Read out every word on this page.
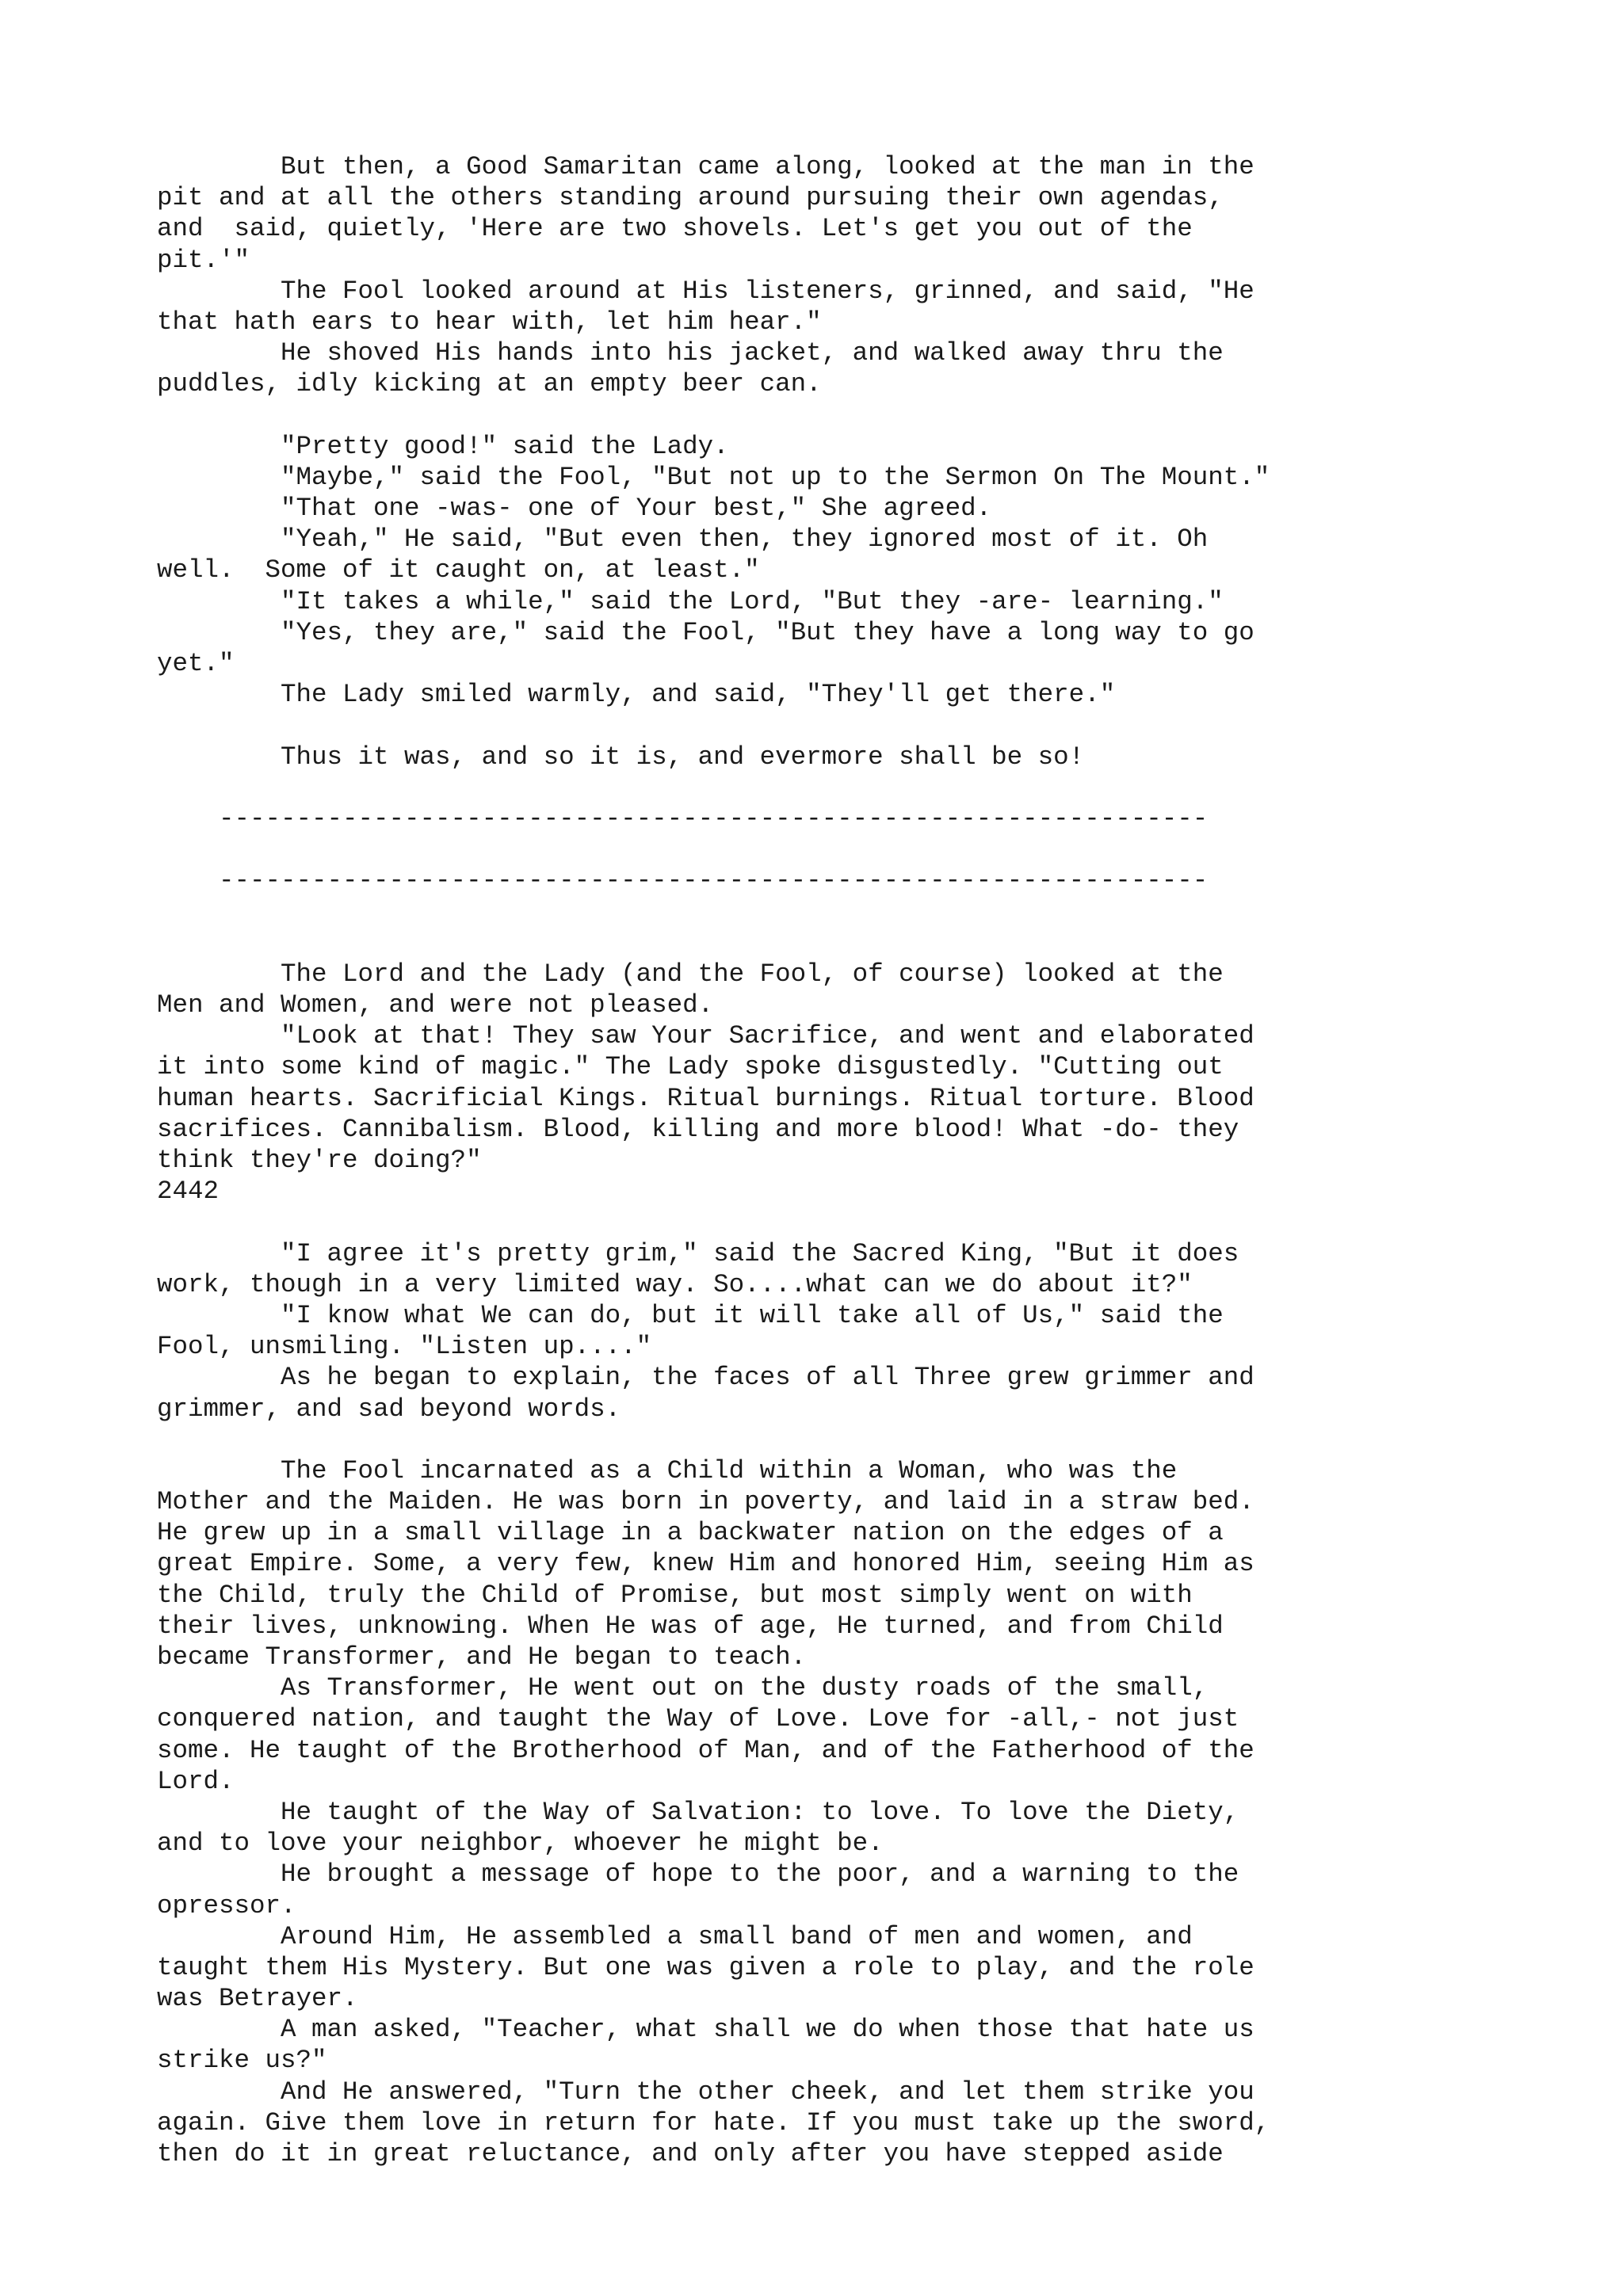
But then, a Good Samaritan came along, looked at the man in the
pit and at all the others standing around pursuing their own agendas,
and  said, quietly, 'Here are two shovels. Let's get you out of the
pit.'"
The Fool looked around at His listeners, grinned, and said, "He
that hath ears to hear with, let him hear."
He shoved His hands into his jacket, and walked away thru the
puddles, idly kicking at an empty beer can.
"Pretty good!" said the Lady.
"Maybe," said the Fool, "But not up to the Sermon On The Mount."
"That one -was- one of Your best," She agreed.
"Yeah," He said, "But even then, they ignored most of it. Oh
well.  Some of it caught on, at least."
"It takes a while," said the Lord, "But they -are- learning."
"Yes, they are," said the Fool, "But they have a long way to go
yet."
The Lady smiled warmly, and said, "They'll get there."
Thus it was, and so it is, and evermore shall be so!
----------------------------------------------------------------
----------------------------------------------------------------
The Lord and the Lady (and the Fool, of course) looked at the
Men and Women, and were not pleased.
"Look at that! They saw Your Sacrifice, and went and elaborated
it into some kind of magic." The Lady spoke disgustedly. "Cutting out
human hearts. Sacrificial Kings. Ritual burnings. Ritual torture. Blood
sacrifices. Cannibalism. Blood, killing and more blood! What -do- they
think they're doing?"
2442
"I agree it's pretty grim," said the Sacred King, "But it does
work, though in a very limited way. So....what can we do about it?"
"I know what We can do, but it will take all of Us," said the
Fool, unsmiling. "Listen up...."
As he began to explain, the faces of all Three grew grimmer and
grimmer, and sad beyond words.
The Fool incarnated as a Child within a Woman, who was the
Mother and the Maiden. He was born in poverty, and laid in a straw bed.
He grew up in a small village in a backwater nation on the edges of a
great Empire. Some, a very few, knew Him and honored Him, seeing Him as
the Child, truly the Child of Promise, but most simply went on with
their lives, unknowing. When He was of age, He turned, and from Child
became Transformer, and He began to teach.
As Transformer, He went out on the dusty roads of the small,
conquered nation, and taught the Way of Love. Love for -all,- not just
some. He taught of the Brotherhood of Man, and of the Fatherhood of the
Lord.
He taught of the Way of Salvation: to love. To love the Diety,
and to love your neighbor, whoever he might be.
He brought a message of hope to the poor, and a warning to the
opressor.
Around Him, He assembled a small band of men and women, and
taught them His Mystery. But one was given a role to play, and the role
was Betrayer.
A man asked, "Teacher, what shall we do when those that hate us
strike us?"
And He answered, "Turn the other cheek, and let them strike you
again. Give them love in return for hate. If you must take up the sword,
then do it in great reluctance, and only after you have stepped aside
